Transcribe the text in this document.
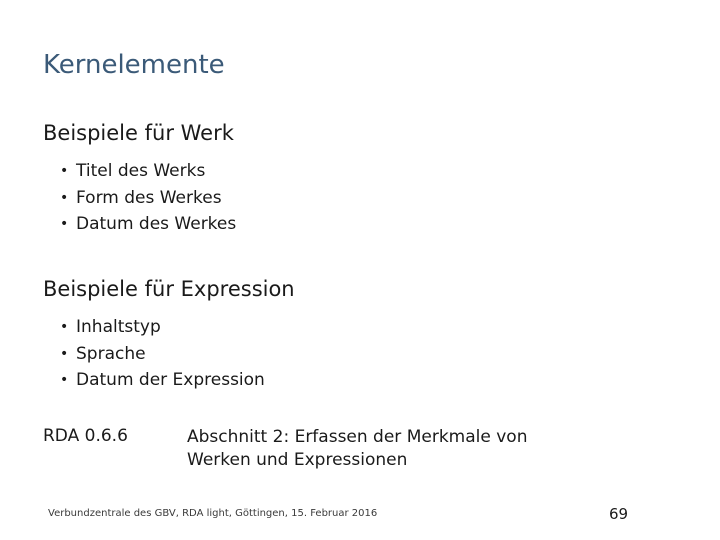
Kernelemente
Beispiele für Werk
• Titel des Werks
• Form des Werkes
• Datum des Werkes
Beispiele für Expression
• Inhaltstyp
• Sprache
• Datum der Expression
RDA 0.6.6	Abschnitt 2: Erfassen der Merkmale von
Werken und Expressionen
Verbundzentrale des GBV, RDA light, Göttingen, 15. Februar 2016	69
